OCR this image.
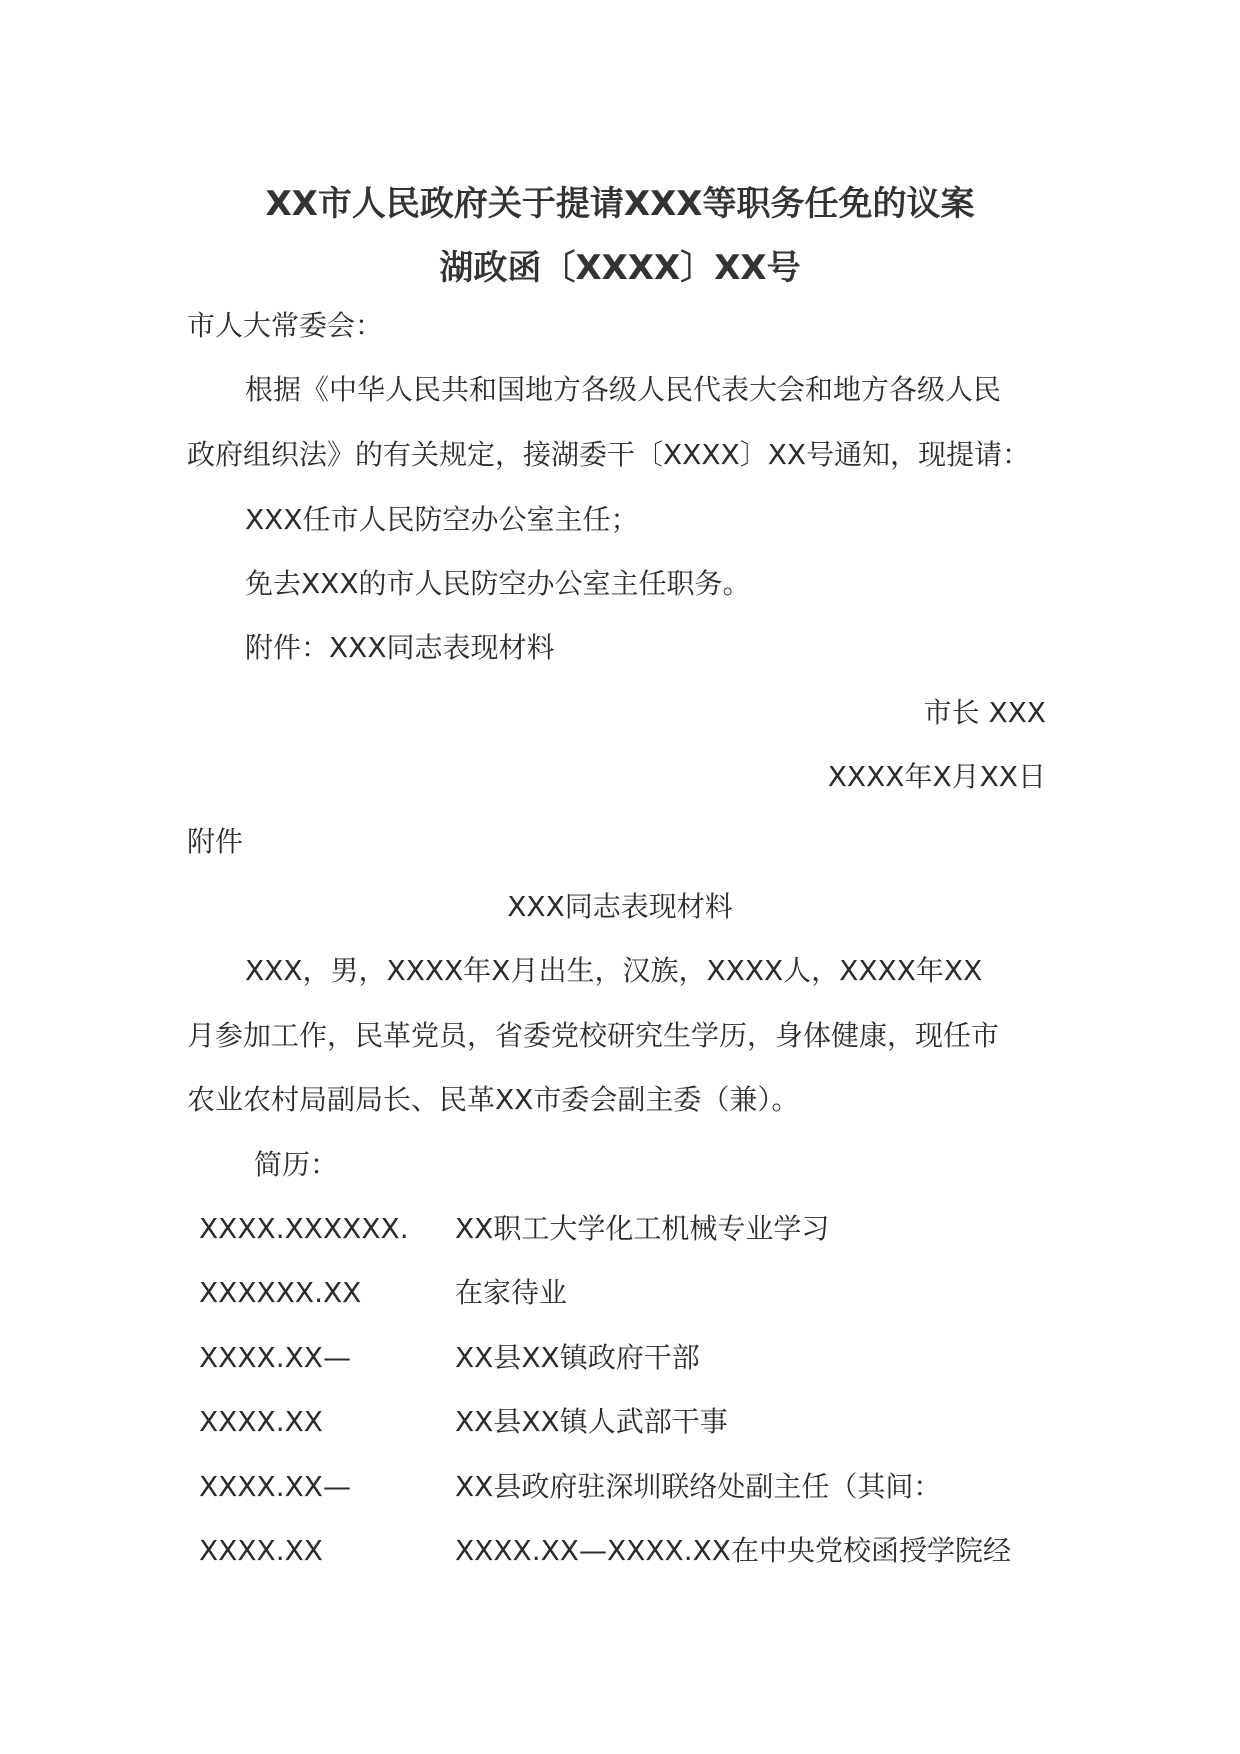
XX市人民政府关于提请XXX等职务任免的议案
湖政函〔XXXX〕XX号
市人大常委会：
根据《中华人民共和国地方各级人民代表大会和地方各级人民
政府组织法》的有关规定，接湖委干〔XXXX〕XX号通知，现提请：
XXX任市人民防空办公室主任；
免去XXX的市人民防空办公室主任职务。
附件：XXX同志表现材料
市长 XXX
XXXX年X月XX日
附件
XXX同志表现材料
XXX，男，XXXX年X月出生，汉族，XXXX人，XXXX年XX
月参加工作，民革党员，省委党校研究生学历，身体健康，现任市
农业农村局副局长、民革XX市委会副主委（兼）。
简历：
XXXX.XXXXXX. XX职工大学化工机械专业学习
XXXXXX.XX	在家待业
XXXX.XX—	XX县XX镇政府干部
XXXX.XX	XX县XX镇人武部干事
XXXX.XX—	XX县政府驻深圳联络处副主任（其间：
XXXX.XX	XXXX.XX—XXXX.XX在中央党校函授学院经
